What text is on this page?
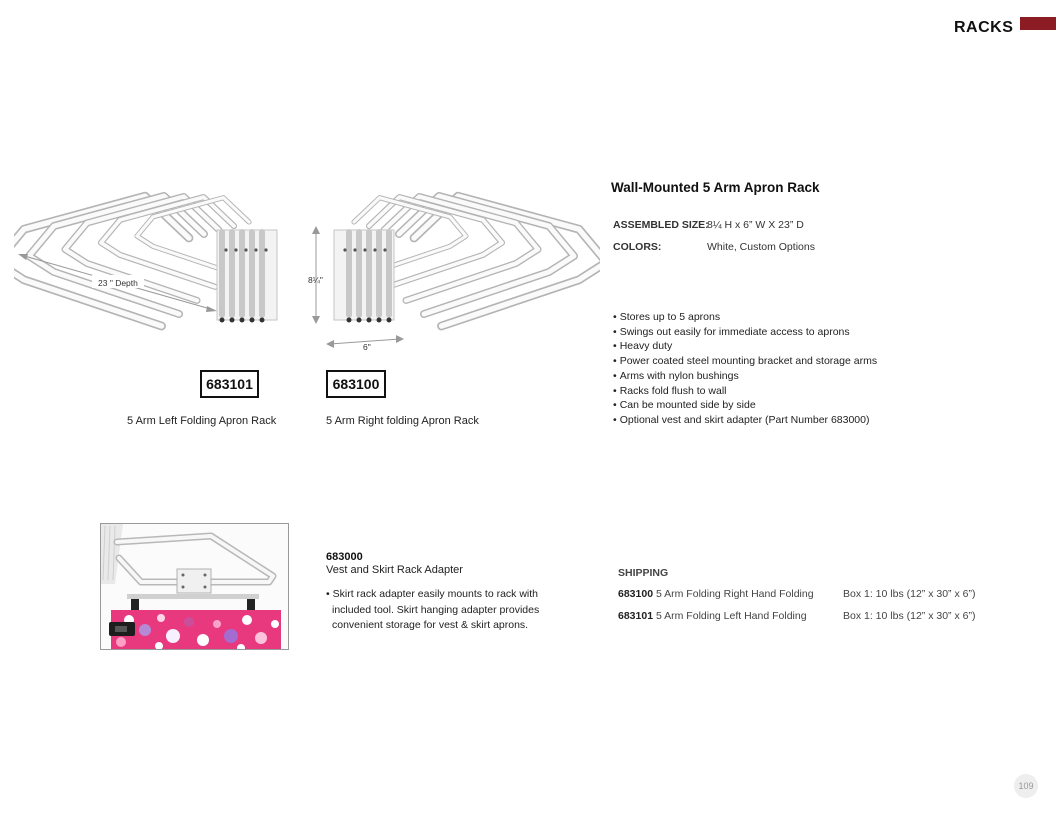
RACKS
23 " Depth	8¼"
6"
683101	683100
5 Arm Left Folding Apron Rack	5 Arm Right folding Apron Rack
Wall-Mounted 5 Arm Apron Rack
ASSEMBLED SIZE:
8¼ H x 6” W X 23” D
COLORS:	White, Custom Options
• Stores up to 5 aprons
• Swings out easily for immediate access to aprons
• Heavy duty
• Power coated steel mounting bracket and storage arms
• Arms with nylon bushings
• Racks fold flush to wall
• Can be mounted side by side
• Optional vest and skirt adapter (Part Number 683000)
683000
Vest and Skirt Rack Adapter
• Skirt rack adapter easily mounts to rack with
included tool. Skirt hanging adapter provides
convenient storage for vest & skirt aprons.
SHIPPING
683100 5 Arm Folding Right Hand Folding	Box 1: 10 lbs (12” x 30” x 6”)
683101 5 Arm Folding Left Hand Folding	Box 1: 10 lbs (12” x 30” x 6”)
109
